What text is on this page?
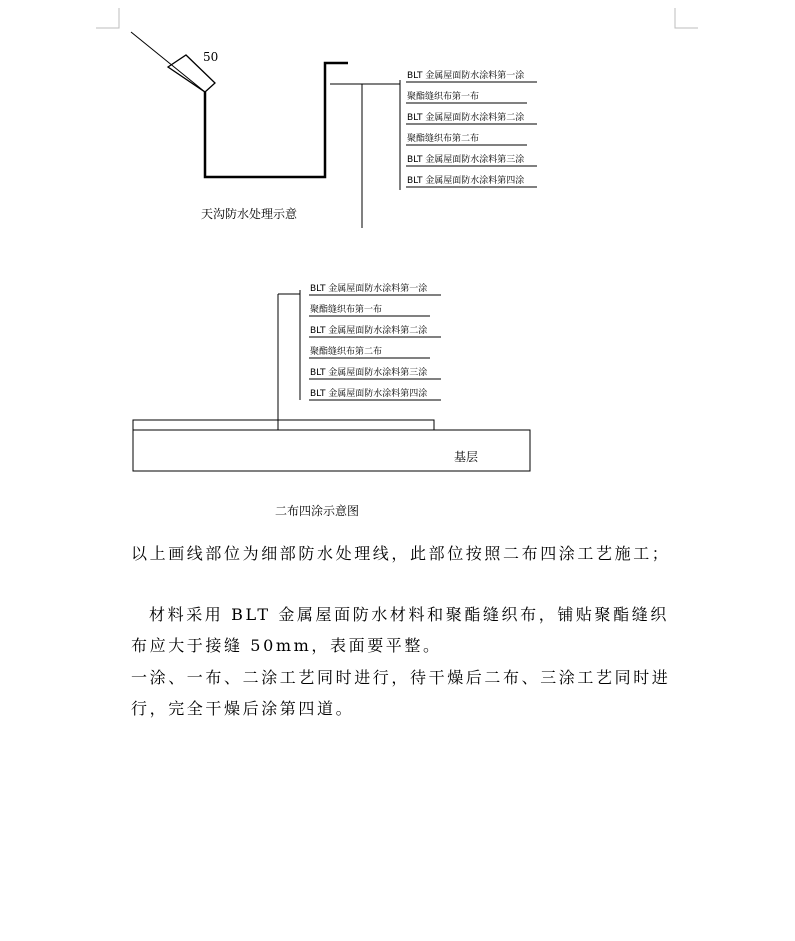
50
BLT 金属屋面防水涂料第一涂
聚酯缝织布第一布
BLT 金属屋面防水涂料第二涂
聚酯缝织布第二布
BLT 金属屋面防水涂料第三涂
BLT 金属屋面防水涂料第四涂
天沟防水处理示意
BLT 金属屋面防水涂料第一涂
聚酯缝织布第一布
BLT 金属屋面防水涂料第二涂
聚酯缝织布第二布
BLT 金属屋面防水涂料第三涂
BLT 金属屋面防水涂料第四涂
基层
二布四涂示意图
以上画线部位为细部防水处理线，此部位按照二布四涂工艺施工；
材料采用 BLT 金属屋面防水材料和聚酯缝织布，铺贴聚酯缝织布应大于接缝 50mm，表面要平整。
一涂、一布、二涂工艺同时进行，待干燥后二布、三涂工艺同时进行，完全干燥后涂第四道。
